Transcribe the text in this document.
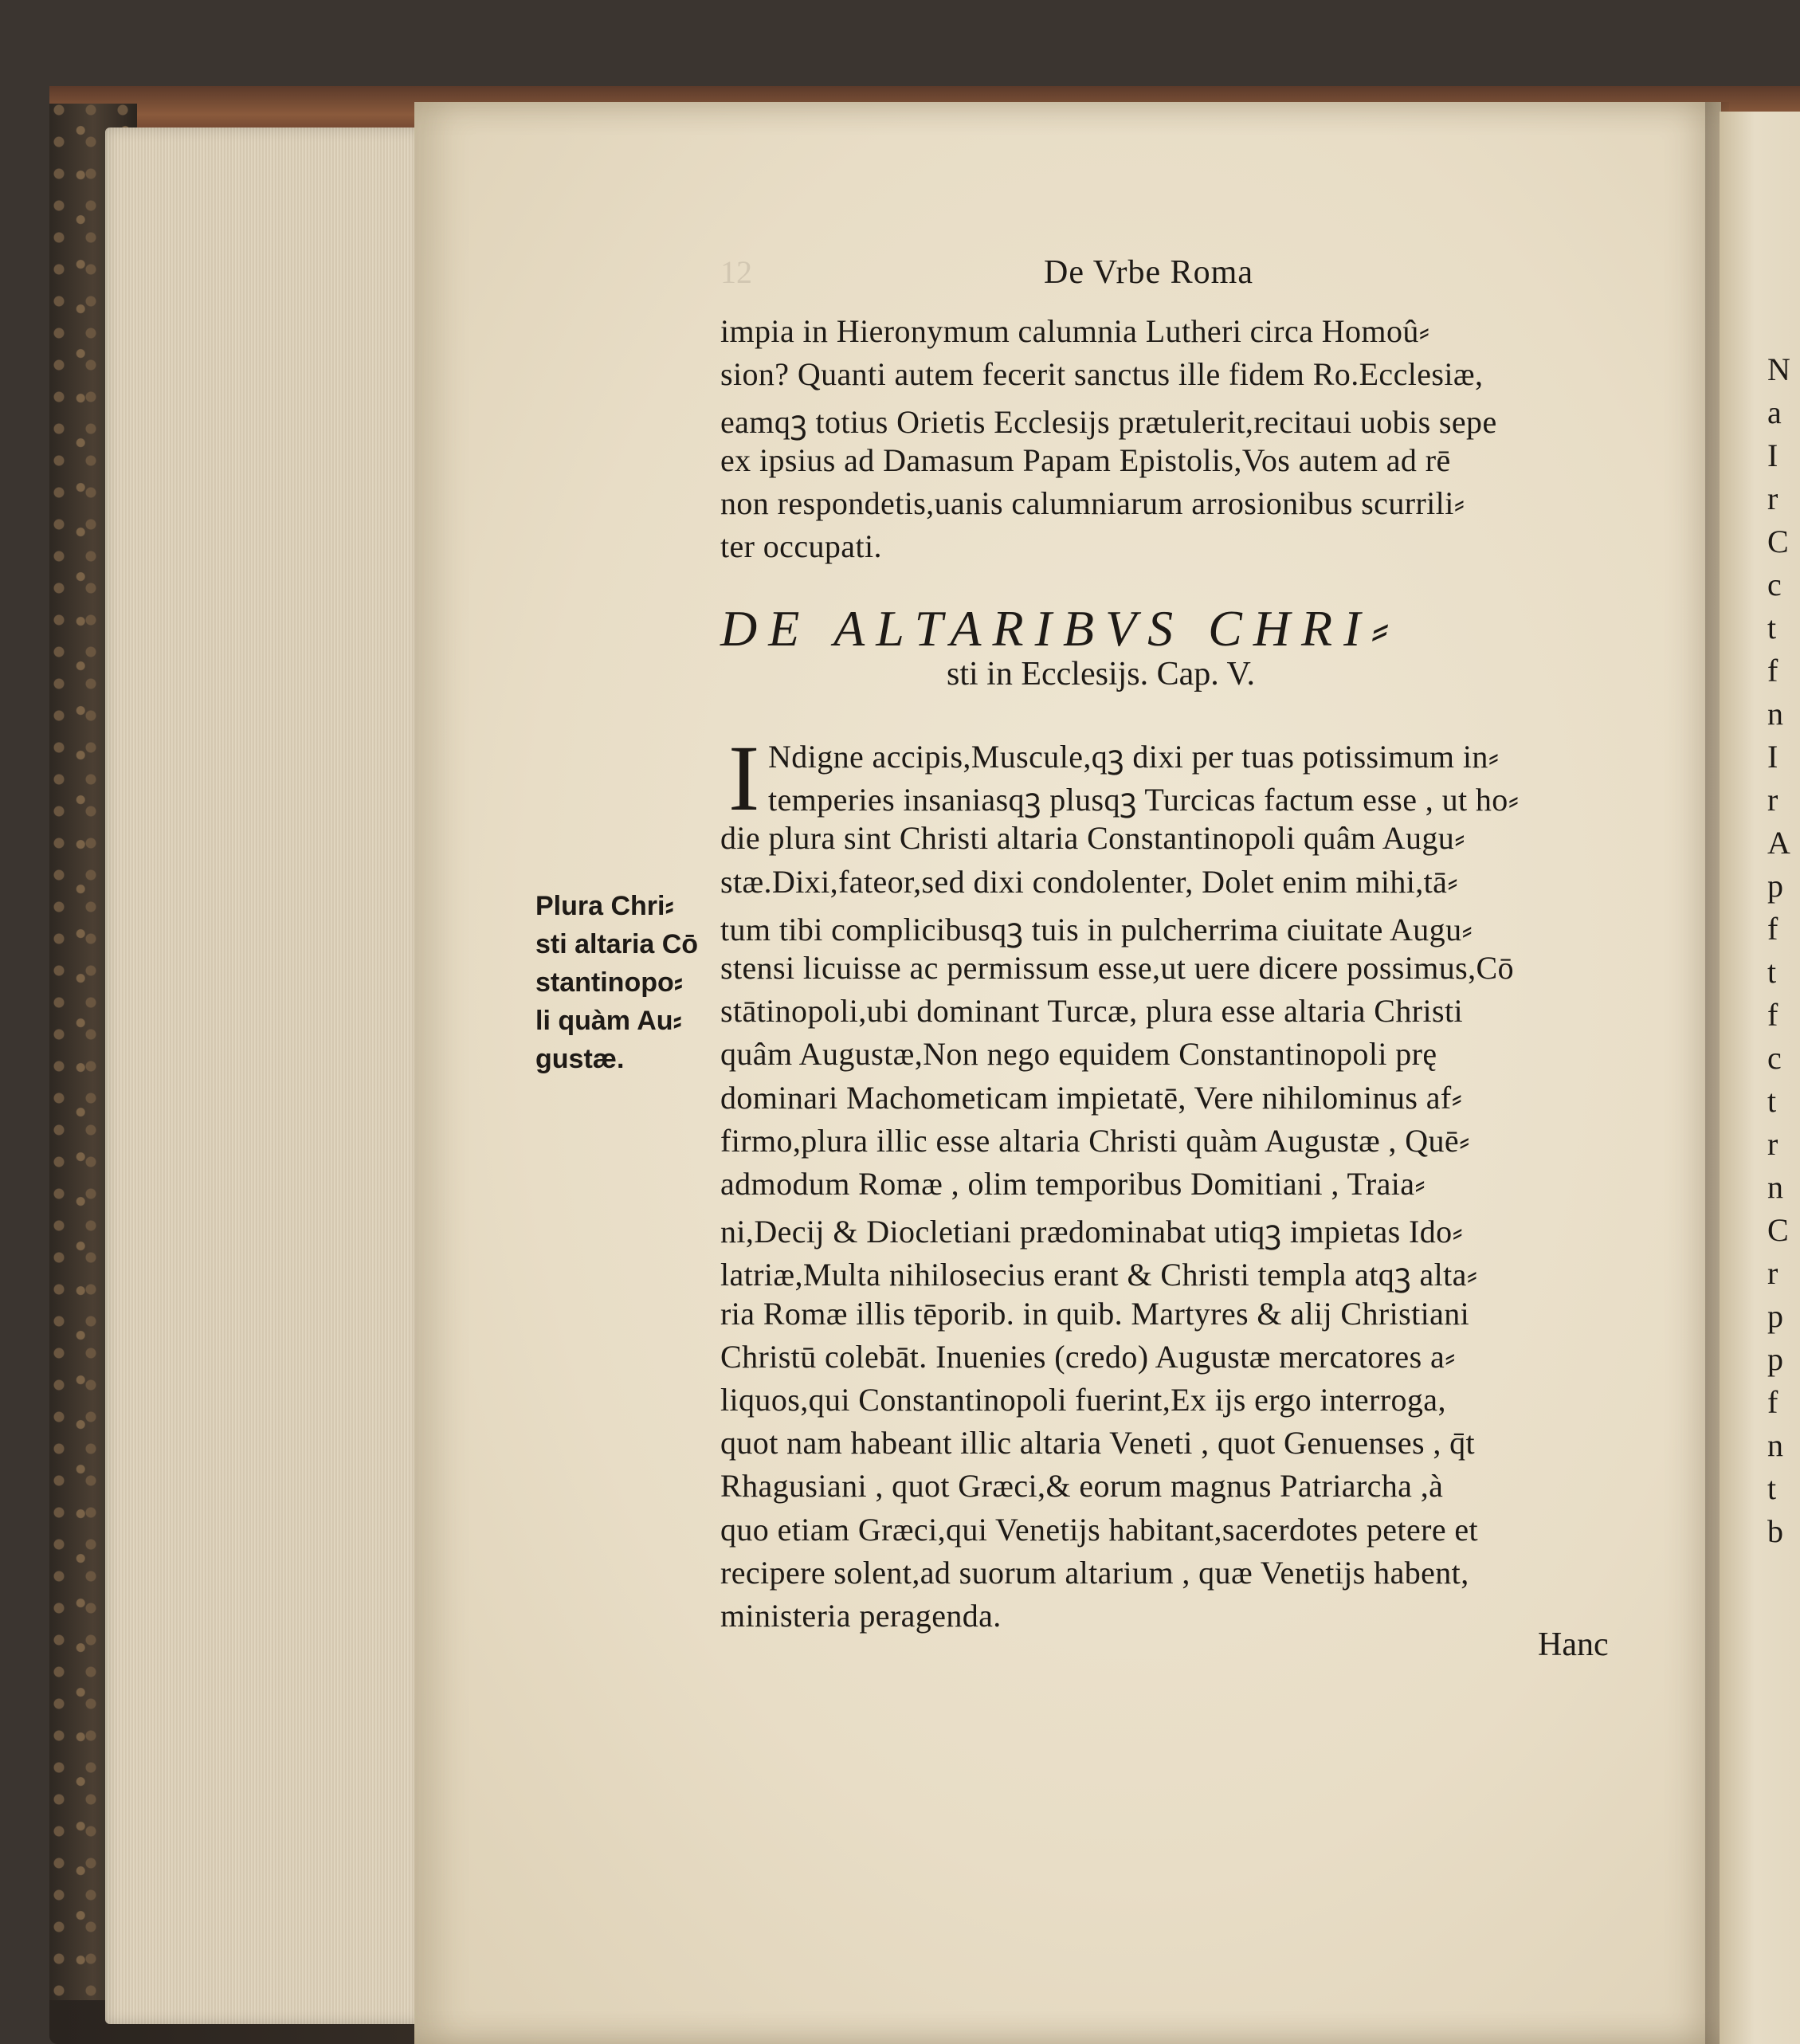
12	De Vrbe Roma
impia in Hieronymum calumnia Lutheri circa Homoû⸗
sion? Quanti autem fecerit sanctus ille fidem Ro.Ecclesiæ,
eamqꝫ totius Orietis Ecclesijs prætulerit,recitaui uobis sepe
ex ipsius ad Damasum Papam Epistolis,Vos autem ad rē
non respondetis,uanis calumniarum arrosionibus scurrili⸗
ter occupati.
DE ALTARIBVS CHRI⸗
sti in Ecclesijs. Cap. V.
I Ndigne accipis,Muscule,qꝫ dixi per tuas potissimum in⸗
temperies insaniasqꝫ plusqꝫ Turcicas factum esse , ut ho⸗
die plura sint Christi altaria Constantinopoli quâm Augu⸗
stæ.Dixi,fateor,sed dixi condolenter, Dolet enim mihi,tā⸗
tum tibi complicibusqꝫ tuis in pulcherrima ciuitate Augu⸗
stensi licuisse ac permissum esse,ut uere dicere possimus,Cō
stātinopoli,ubi dominant Turcæ, plura esse altaria Christi
quâm Augustæ,Non nego equidem Constantinopoli prę
dominari Machometicam impietatē, Vere nihilominus af⸗
firmo,plura illic esse altaria Christi quàm Augustæ , Quē⸗
admodum Romæ , olim temporibus Domitiani , Traia⸗
ni,Decij & Diocletiani prædominabat utiqꝫ impietas Ido⸗
latriæ,Multa nihilosecius erant & Christi templa atqꝫ alta⸗
ria Romæ illis tēporib. in quib. Martyres & alij Christiani
Christū colebāt. Inuenies (credo) Augustæ mercatores a⸗
liquos,qui Constantinopoli fuerint,Ex ijs ergo interroga,
quot nam habeant illic altaria Veneti , quot Genuenses , q̄t
Rhagusiani , quot Græci,& eorum magnus Patriarcha ,à
quo etiam Græci,qui Venetijs habitant,sacerdotes petere et
recipere solent,ad suorum altarium , quæ Venetijs habent,
ministeria peragenda.
Plura Chri⸗
sti altaria Cō
stantinopo⸗
li quàm Au⸗
gustæ.
Hanc
N
a
I
r
C
c
t
f
n
I
r
A
p
f
t
f
c
t
r
n
C
r
p
p
f
n
t
b
